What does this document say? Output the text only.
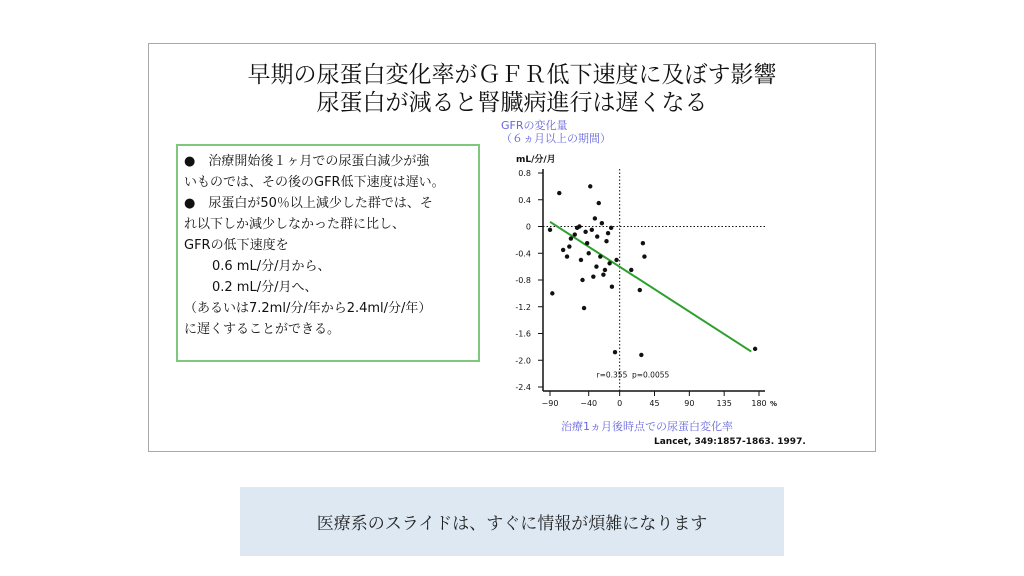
早期の尿蛋白変化率がＧＦＲ低下速度に及ぼす影響
尿蛋白が減ると腎臓病進行は遅くなる

●　治療開始後１ヶ月での尿蛋白減少が強

いものでは、その後のGFR低下速度は遅い。

●　尿蛋白が50％以上減少した群では、そ

れ以下しか減少しなかった群に比し、

GFRの低下速度を

0.6 mL/分/月から、

0.2 mL/分/月へ、

（あるいは7.2ml/分/年から2.4ml/分/年）

に遅くすることができる。

GFRの変化量
（６ヵ月以上の期間）
mL/分/月
0.8
0.4
0
-0.4
-0.8
-1.2
-1.6
-2.0
-2.4
−90	−40 0	45	90	135 180 %
r=0.355 p=0.0055
治療1ヵ月後時点での尿蛋白変化率
Lancet, 349:1857-1863. 1997.
医療系のスライドは、すぐに情報が煩雑になります
